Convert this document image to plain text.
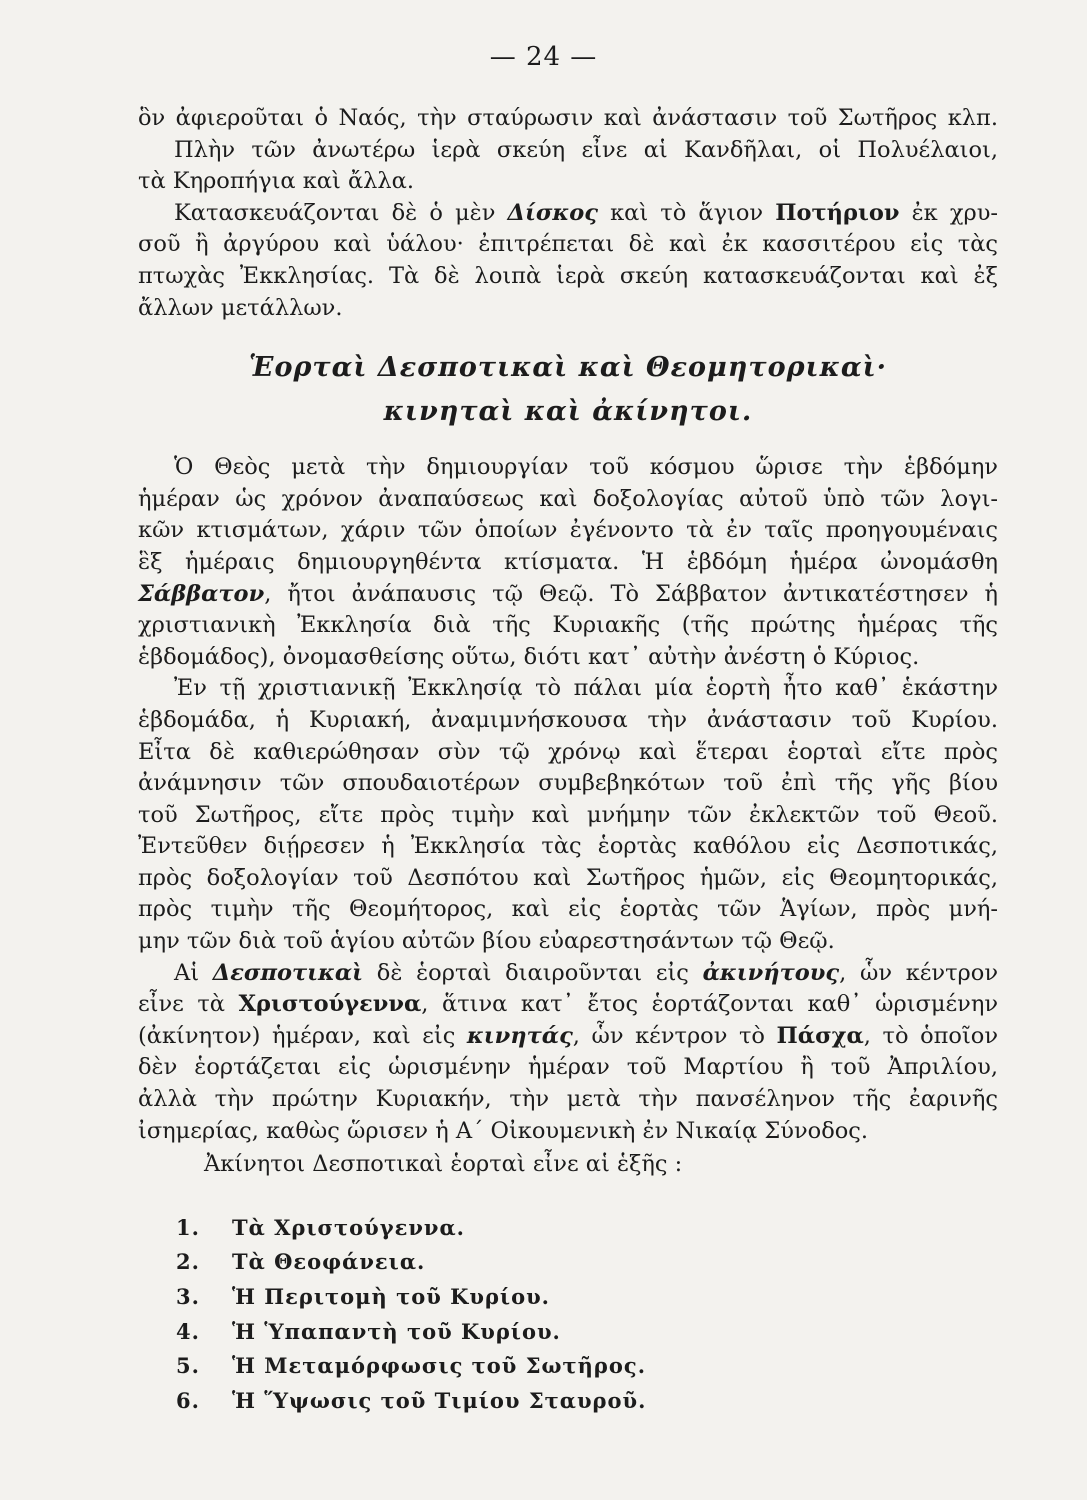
— 24 —
ὃν ἀφιεροῦται ὁ Ναός, τὴν σταύρωσιν καὶ ἀνάστασιν τοῦ Σωτῆρος κλπ.
Πλὴν τῶν ἀνωτέρω ἱερὰ σκεύη εἶνε αἱ Κανδῆλαι, οἱ Πολυέλαιοι,
τὰ Κηροπήγια καὶ ἄλλα.
Κατασκευάζονται δὲ ὁ μὲν Δίσκος καὶ τὸ ἅγιον Ποτήριον ἐκ χρυ-
σοῦ ἢ ἀργύρου καὶ ὑάλου· ἐπιτρέπεται δὲ καὶ ἐκ κασσιτέρου εἰς τὰς
πτωχὰς Ἐκκλησίας. Τὰ δὲ λοιπὰ ἱερὰ σκεύη κατασκευάζονται καὶ ἐξ
ἄλλων μετάλλων.
Ἑορταὶ Δεσποτικαὶ καὶ Θεομητορικαὶ·
κινηταὶ καὶ ἀκίνητοι.
Ὁ Θεὸς μετὰ τὴν δημιουργίαν τοῦ κόσμου ὥρισε τὴν ἑβδόμην
ἡμέραν ὡς χρόνον ἀναπαύσεως καὶ δοξολογίας αὐτοῦ ὑπὸ τῶν λογι-
κῶν κτισμάτων, χάριν τῶν ὁποίων ἐγένοντο τὰ ἐν ταῖς προηγουμέναις
ἓξ ἡμέραις δημιουργηθέντα κτίσματα. Ἡ ἑβδόμη ἡμέρα ὠνομάσθη
Σάββατον, ἤτοι ἀνάπαυσις τῷ Θεῷ. Τὸ Σάββατον ἀντικατέστησεν ἡ
χριστιανικὴ Ἐκκλησία διὰ τῆς Κυριακῆς (τῆς πρώτης ἡμέρας τῆς
ἑβδομάδος), ὀνομασθείσης οὕτω, διότι κατ᾽ αὐτὴν ἀνέστη ὁ Κύριος.
Ἐν τῇ χριστιανικῇ Ἐκκλησίᾳ τὸ πάλαι μία ἑορτὴ ἦτο καθ᾽ ἑκάστην
ἑβδομάδα, ἡ Κυριακή, ἀναμιμνήσκουσα τὴν ἀνάστασιν τοῦ Κυρίου.
Εἶτα δὲ καθιερώθησαν σὺν τῷ χρόνῳ καὶ ἕτεραι ἑορταὶ εἴτε πρὸς
ἀνάμνησιν τῶν σπουδαιοτέρων συμβεβηκότων τοῦ ἐπὶ τῆς γῆς βίου
τοῦ Σωτῆρος, εἴτε πρὸς τιμὴν καὶ μνήμην τῶν ἐκλεκτῶν τοῦ Θεοῦ.
Ἐντεῦθεν διῄρεσεν ἡ Ἐκκλησία τὰς ἑορτὰς καθόλου εἰς Δεσποτικάς,
πρὸς δοξολογίαν τοῦ Δεσπότου καὶ Σωτῆρος ἡμῶν, εἰς Θεομητορικάς,
πρὸς τιμὴν τῆς Θεομήτορος, καὶ εἰς ἑορτὰς τῶν Ἁγίων, πρὸς μνή-
μην τῶν διὰ τοῦ ἁγίου αὐτῶν βίου εὐαρεστησάντων τῷ Θεῷ.
Αἱ Δεσποτικαὶ δὲ ἑορταὶ διαιροῦνται εἰς ἀκινήτους, ὧν κέντρον
εἶνε τὰ Χριστούγεννα, ἅτινα κατ᾽ ἔτος ἑορτάζονται καθ᾽ ὡρισμένην
(ἀκίνητον) ἡμέραν, καὶ εἰς κινητάς, ὧν κέντρον τὸ Πάσχα, τὸ ὁποῖον
δὲν ἑορτάζεται εἰς ὡρισμένην ἡμέραν τοῦ Μαρτίου ἢ τοῦ Ἀπριλίου,
ἀλλὰ τὴν πρώτην Κυριακήν, τὴν μετὰ τὴν πανσέληνον τῆς ἐαρινῆς
ἰσημερίας, καθὼς ὥρισεν ἡ Α´ Οἰκουμενικὴ ἐν Νικαίᾳ Σύνοδος.
Ἀκίνητοι Δεσποτικαὶ ἑορταὶ εἶνε αἱ ἑξῆς :
1. Τὰ Χριστούγεννα.
2. Τὰ Θεοφάνεια.
3. Ἡ Περιτομὴ τοῦ Κυρίου.
4. Ἡ Ὑπαπαντὴ τοῦ Κυρίου.
5. Ἡ Μεταμόρφωσις τοῦ Σωτῆρος.
6. Ἡ Ὕψωσις τοῦ Τιμίου Σταυροῦ.
